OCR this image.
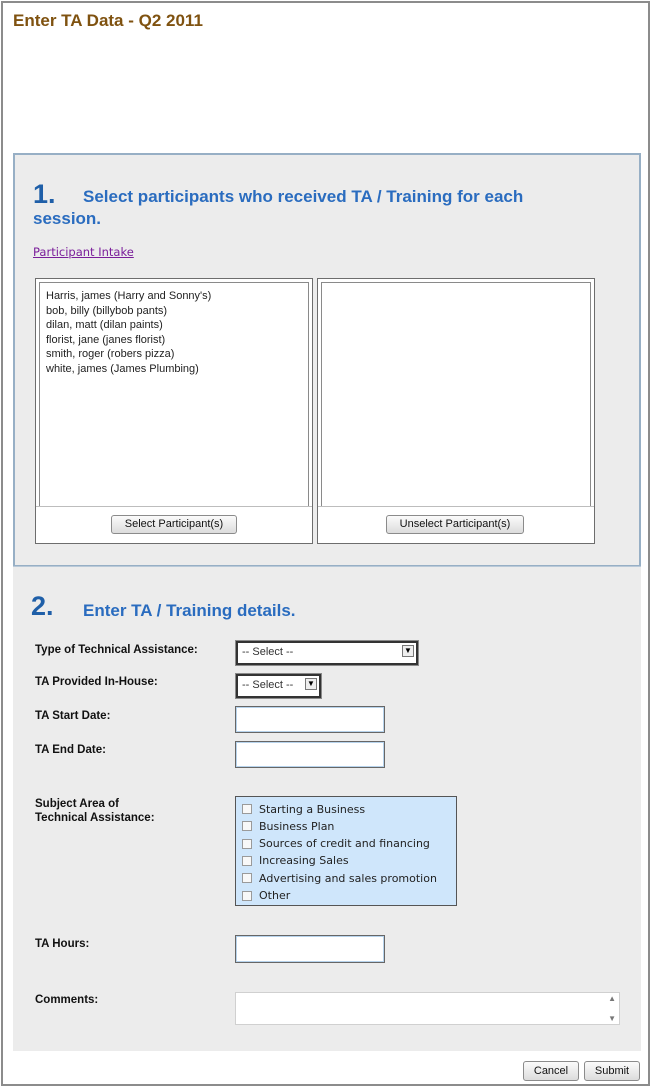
Enter TA Data - Q2 2011
1. Select participants who received TA / Training for each
session.
Participant Intake
Harris, james (Harry and Sonny's)
bob, billy (billybob pants)
dilan, matt (dilan paints)
florist, jane (janes florist)
smith, roger (robers pizza)
white, james (James Plumbing)
Select Participant(s)	Unselect Participant(s)
2. Enter TA / Training details.
Type of Technical Assistance:	-- Select --	▼
TA Provided In-House:	-- Select -- ▼
TA Start Date:
TA End Date:
Subject Area of
Technical Assistance:
Starting a Business
Business Plan
Sources of credit and financing
Increasing Sales
Advertising and sales promotion
Other
TA Hours:
Comments:	▲
▼
Cancel	Submit
